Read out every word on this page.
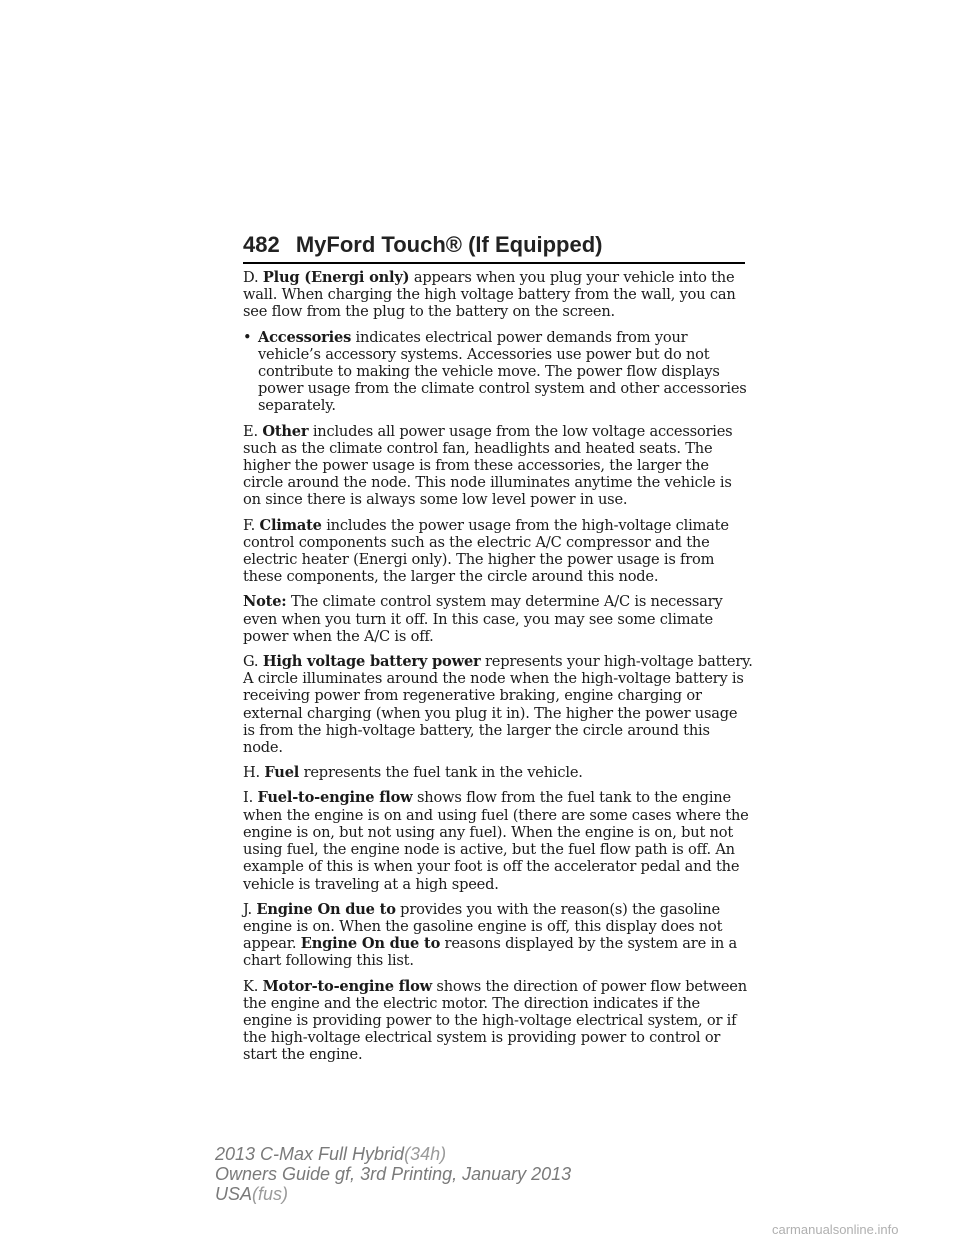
482 MyFord Touch® (If Equipped)

D. Plug (Energi only) appears when you plug your vehicle into the wall. When charging the high voltage battery from the wall, you can see flow from the plug to the battery on the screen.

• Accessories indicates electrical power demands from your vehicle’s accessory systems. Accessories use power but do not contribute to making the vehicle move. The power flow displays power usage from the climate control system and other accessories separately.

E. Other includes all power usage from the low voltage accessories such as the climate control fan, headlights and heated seats. The higher the power usage is from these accessories, the larger the circle around the node. This node illuminates anytime the vehicle is on since there is always some low level power in use.

F. Climate includes the power usage from the high-voltage climate control components such as the electric A/C compressor and the electric heater (Energi only). The higher the power usage is from these components, the larger the circle around this node.

Note: The climate control system may determine A/C is necessary even when you turn it off. In this case, you may see some climate power when the A/C is off.

G. High voltage battery power represents your high-voltage battery. A circle illuminates around the node when the high-voltage battery is receiving power from regenerative braking, engine charging or external charging (when you plug it in). The higher the power usage is from the high-voltage battery, the larger the circle around this node.

H. Fuel represents the fuel tank in the vehicle.

I. Fuel-to-engine flow shows flow from the fuel tank to the engine when the engine is on and using fuel (there are some cases where the engine is on, but not using any fuel). When the engine is on, but not using fuel, the engine node is active, but the fuel flow path is off. An example of this is when your foot is off the accelerator pedal and the vehicle is traveling at a high speed.

J. Engine On due to provides you with the reason(s) the gasoline engine is on. When the gasoline engine is off, this display does not appear. Engine On due to reasons displayed by the system are in a chart following this list.

K. Motor-to-engine flow shows the direction of power flow between the engine and the electric motor. The direction indicates if the engine is providing power to the high-voltage electrical system, or if the high-voltage electrical system is providing power to control or start the engine.

2013 C-Max Full Hybrid(34h)
Owners Guide gf, 3rd Printing, January 2013
USA(fus)
carmanualsonline.info
